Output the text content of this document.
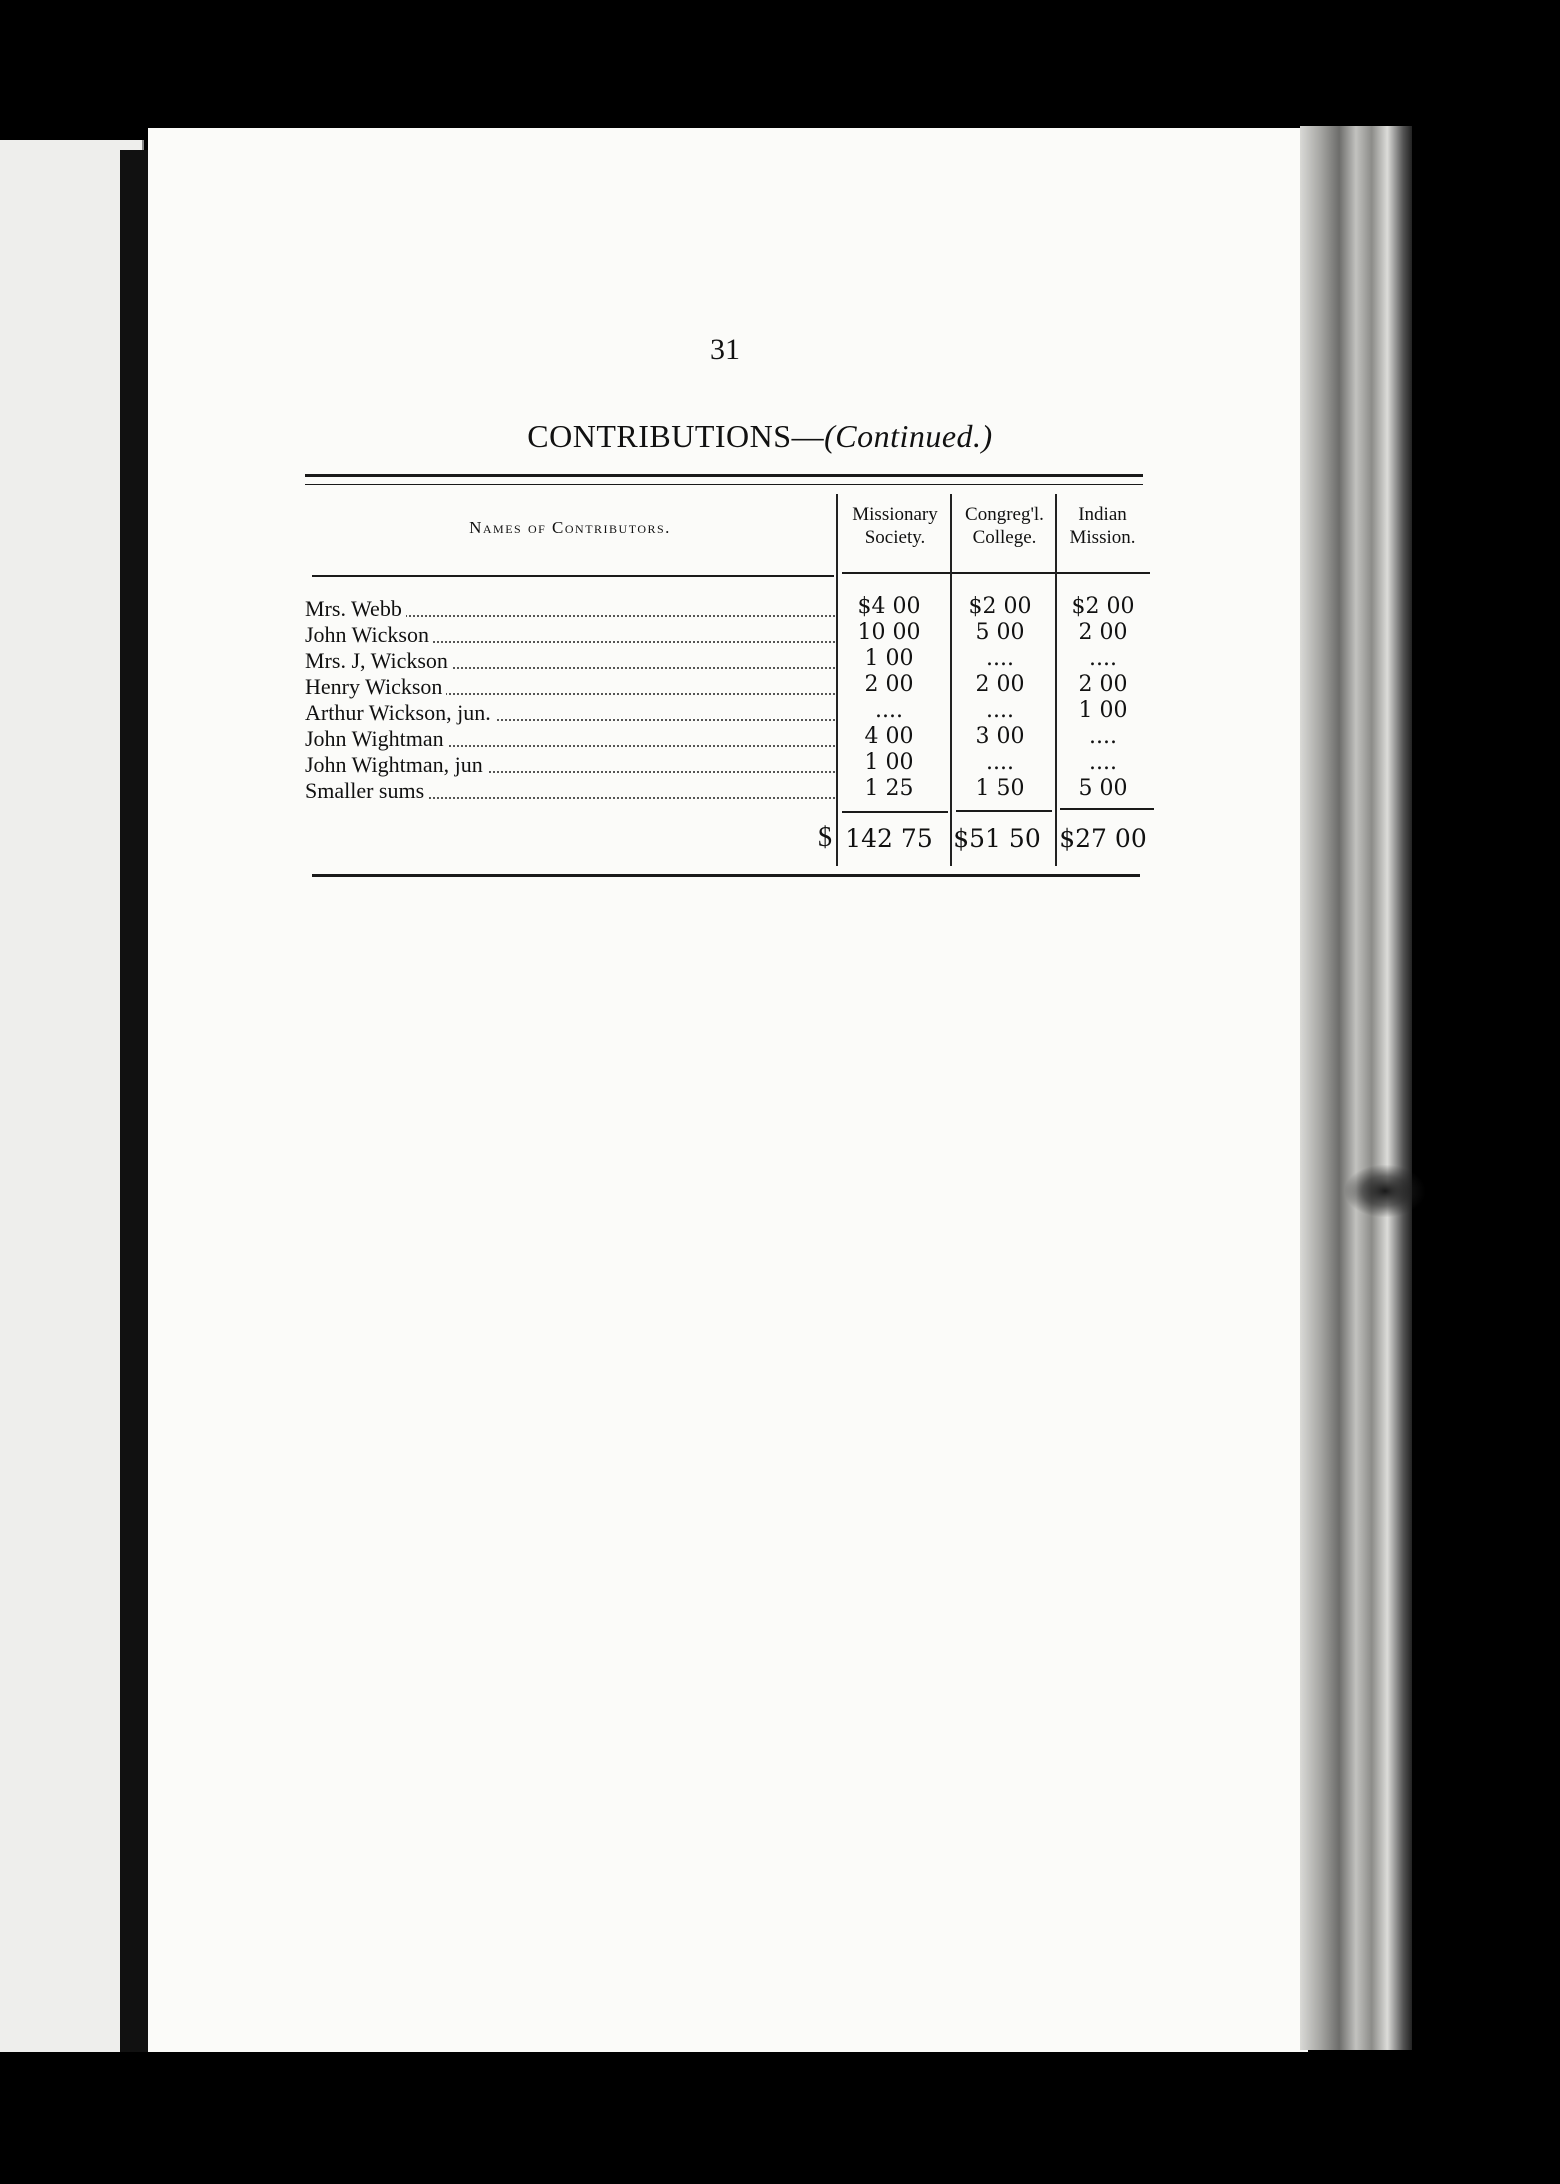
31
CONTRIBUTIONS—(Continued.)
Names of Contributors.
Missionary
Society.
Congreg'l.
College.
Indian
Mission.
Mrs. Webb
John Wickson
Mrs. J, Wickson
Henry Wickson
Arthur Wickson, jun.
John Wightman
John Wightman, jun
Smaller sums
$4 00
10 00
1 00
2 00
....
4 00
1 00
1 25
$2 00
5 00
....
2 00
....
3 00
....
1 50
$2 00
2 00
....
2 00
1 00
....
....
5 00
$ 142 75 $51 50 $27 00
